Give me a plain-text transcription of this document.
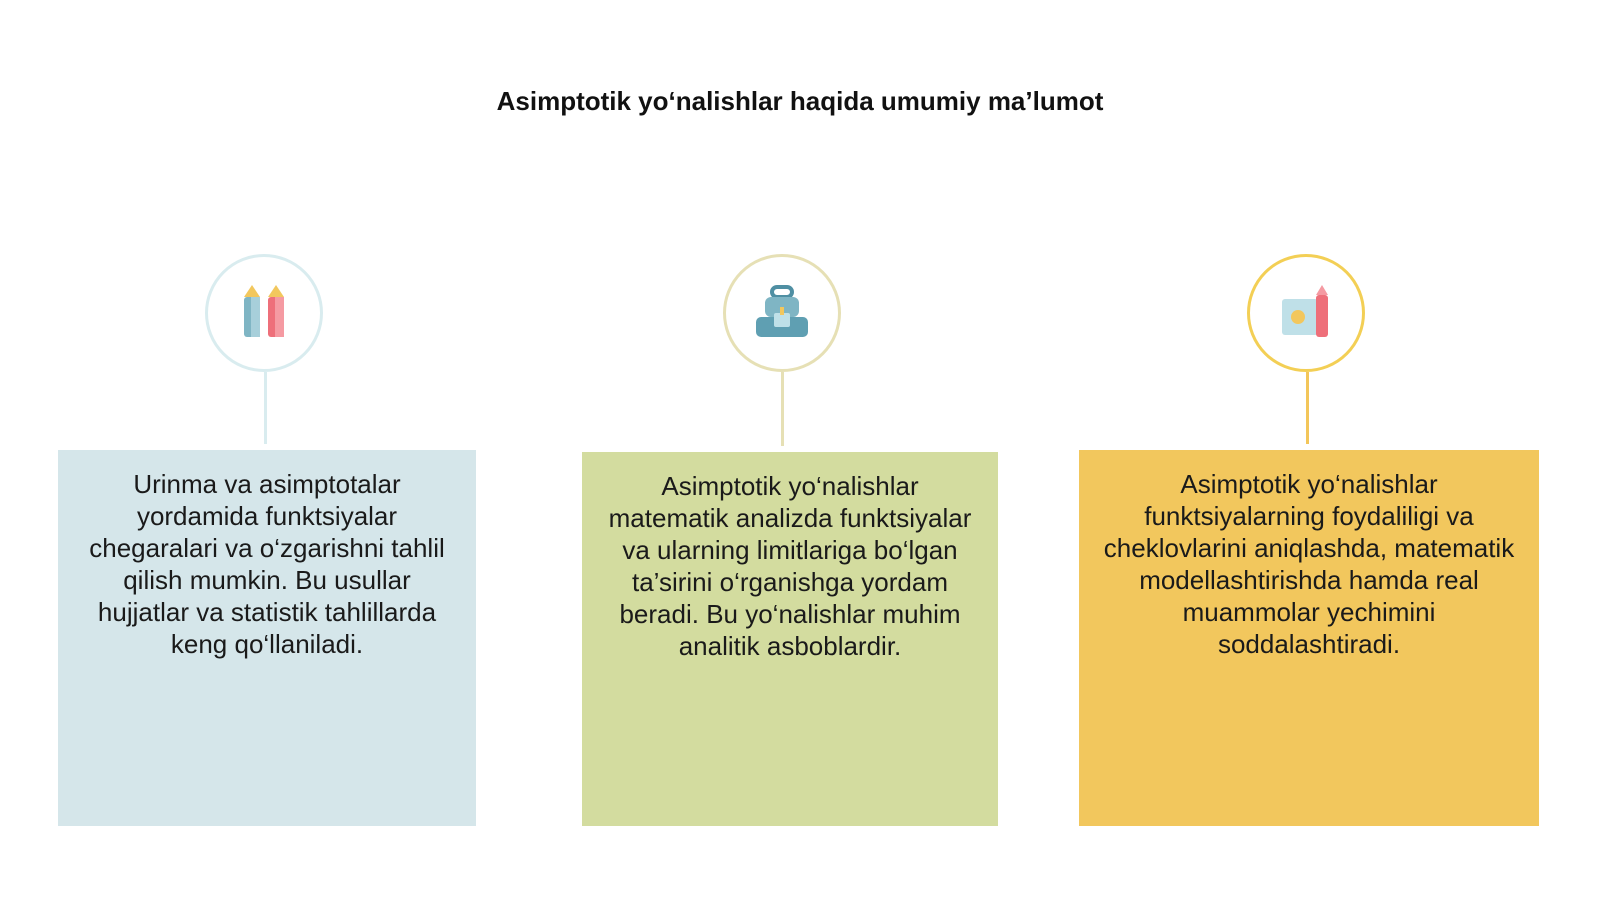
Asimptotik yo‘nalishlar haqida umumiy ma’lumot
Urinma va asimptotalar yordamida funktsiyalar chegaralari va o‘zgarishni tahlil qilish mumkin. Bu usullar hujjatlar va statistik tahlillarda keng qo‘llaniladi.
Asimptotik yo‘nalishlar matematik analizda funktsiyalar va ularning limitlariga bo‘lgan ta’sirini o‘rganishga yordam beradi. Bu yo‘nalishlar muhim analitik asboblardir.
Asimptotik yo‘nalishlar funktsiyalarning foydaliligi va cheklovlarini aniqlashda, matematik modellashtirishda hamda real muammolar yechimini soddalashtiradi.
